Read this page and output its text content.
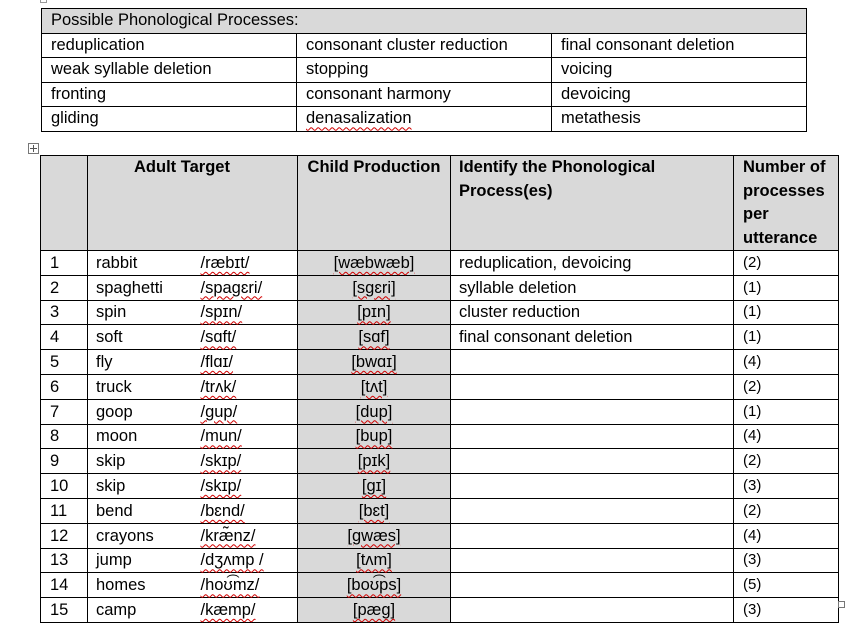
Possible Phonological Processes:		
reduplication	consonant cluster reduction	final consonant deletion
weak syllable deletion	stopping	voicing
fronting	consonant harmony	devoicing
gliding	denasalization	metathesis
	Adult Target		Child Production	Identify the Phonological Process(es)	Number of processes per utterance
1	rabbit	/ræbɪt/	[wæbwæb]	reduplication, devoicing	(2)
2	spaghetti	/spagɛri/	[sgɛri]	syllable deletion	(1)
3	spin	/spɪn/	[pɪn]	cluster reduction	(1)
4	soft	/sɑft/	[sɑf]	final consonant deletion	(1)
5	fly	/flɑɪ/	[bwɑɪ]		(4)
6	truck	/trʌk/	[tʌt]		(2)
7	goop	/gup/	[dup]		(1)
8	moon	/mun/	[bup]		(4)
9	skip	/skɪp/	[pɪk]		(2)
10	skip	/skɪp/	[gɪ]		(3)
11	bend	/bɛnd/	[bɛt]		(2)
12	crayons	/kræ̃nz/	[gwæs]		(4)
13	jump	/dʒʌmp /	[tʌm]		(3)
14	homes	/hoʊ͡mz/	[boʊ͡ps]		(5)
15	camp	/kæmp/	[pæg]		(3)
